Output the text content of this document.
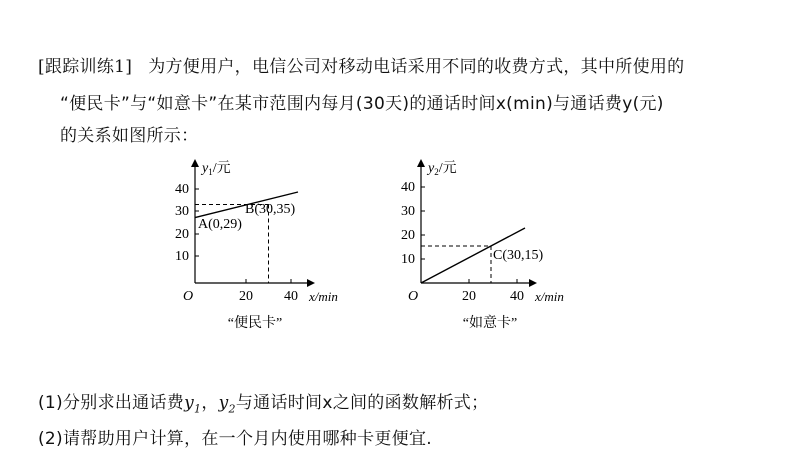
[跟踪训练1] 为方便用户，电信公司对移动电话采用不同的收费方式，其中所使用的
“便民卡”与“如意卡”在某市范围内每月(30天)的通话时间x(min)与通话费y(元)
的关系如图所示：
40
30
20
10
20 40
O	x/min
$y_1/$元
A(0,29)
B(30,35)
“便民卡”
40
30
20
10
20 40
O	x/min
$y_2/$元
C(30,15)
“如意卡”
(1)分别求出通话费$y_1$，$y_2$与通话时间x之间的函数解析式；
(2)请帮助用户计算，在一个月内使用哪种卡更便宜.
